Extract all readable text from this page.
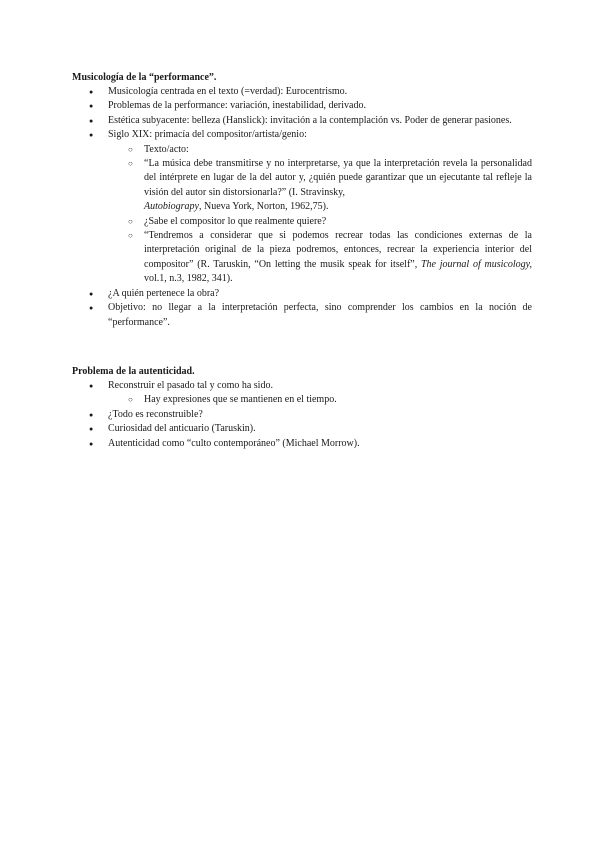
Musicología de la “performance”.

● Musicología centrada en el texto (=verdad): Eurocentrismo.
● Problemas de la performance: variación, inestabilidad, derivado.
● Estética subyacente: belleza (Hanslick): invitación a la contemplación vs. Poder de generar pasiones.
● Siglo XIX: primacía del compositor/artista/genio:
○ Texto/acto:
○ “La música debe transmitirse y no interpretarse, ya que la interpretación revela la personalidad del intérprete en lugar de la del autor y, ¿quién puede garantizar que un ejecutante tal refleje la visión del autor sin distorsionarla?” (I. Stravinsky,
Autobiograpy, Nueva York, Norton, 1962,75).
○ ¿Sabe el compositor lo que realmente quiere?
○ “Tendremos a considerar que si podemos recrear todas las condiciones externas de la interpretación original de la pieza podremos, entonces, recrear la experiencia interior del compositor” (R. Taruskin, “On letting the musik speak for itself”, The journal of musicology, vol.1, n.3, 1982, 341).
● ¿A quién pertenece la obra?
● Objetivo: no llegar a la interpretación perfecta, sino comprender los cambios en la noción de “performance”.

Problema de la autenticidad.

● Reconstruir el pasado tal y como ha sido.
○ Hay expresiones que se mantienen en el tiempo.
● ¿Todo es reconstruible?
● Curiosidad del anticuario (Taruskin).
● Autenticidad como “culto contemporáneo” (Michael Morrow).
